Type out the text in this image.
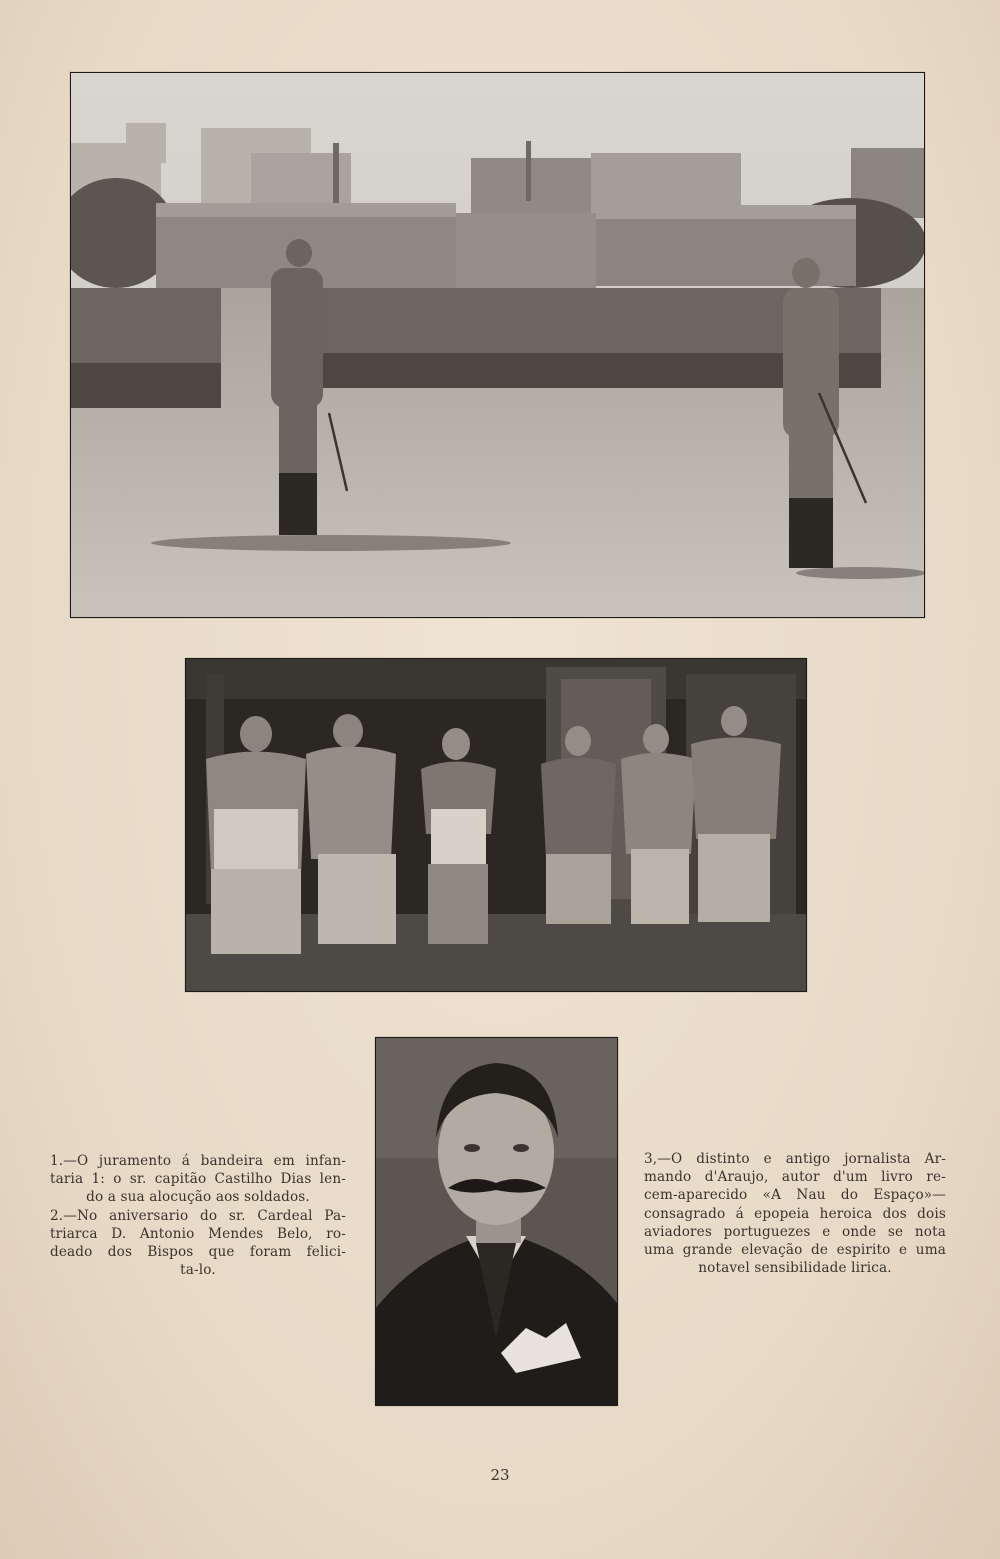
1.—O juramento á bandeira em infan-

taria 1: o sr. capitão Castilho Dias len-

do a sua alocução aos soldados.

2.—No aniversario do sr. Cardeal Pa-

triarca D. Antonio Mendes Belo, ro-

deado dos Bispos que foram felici-

ta-lo.

3,—O distinto e antigo jornalista Ar-

mando d'Araujo, autor d'um livro re-

cem-aparecido «A Nau do Espaço»—

consagrado á epopeia heroica dos dois

aviadores portuguezes e onde se nota

uma grande elevação de espirito e uma

notavel sensibilidade lirica.

23
